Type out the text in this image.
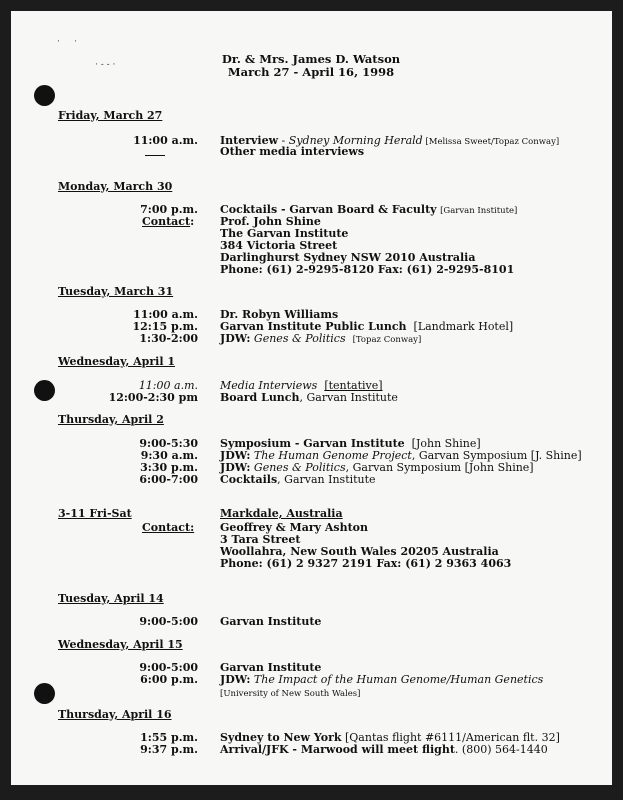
·     ·
· - - ·	Dr. & Mrs. James D. Watson
March 27 - April 16, 1998
Friday, March 27
11:00 a.m. Interview - Sydney Morning Herald [Melissa Sweet/Topaz Conway]
Other media interviews
Monday, March 30
7:00 p.m. Cocktails - Garvan Board & Faculty [Garvan Institute]
Contact: Prof. John Shine
The Garvan Institute
384 Victoria Street
Darlinghurst Sydney NSW 2010 Australia
Phone: (61) 2-9295-8120 Fax: (61) 2-9295-8101
Tuesday, March 31
11:00 a.m. Dr. Robyn Williams
12:15 p.m. Garvan Institute Public Lunch [Landmark Hotel]
1:30-2:00 JDW: Genes & Politics [Topaz Conway]
Wednesday, April 1
11:00 a.m. Media Interviews [tentative]
12:00-2:30 pm Board Lunch, Garvan Institute
Thursday, April 2
9:00-5:30 Symposium - Garvan Institute [John Shine]
9:30 a.m. JDW: The Human Genome Project, Garvan Symposium [J. Shine]
3:30 p.m. JDW: Genes & Politics, Garvan Symposium [John Shine]
6:00-7:00 Cocktails, Garvan Institute
3-11 Fri-Sat	Markdale, Australia
Contact: Geoffrey & Mary Ashton
3 Tara Street
Woollahra, New South Wales 20205 Australia
Phone: (61) 2 9327 2191 Fax: (61) 2 9363 4063
Tuesday, April 14
9:00-5:00 Garvan Institute
Wednesday, April 15
9:00-5:00 Garvan Institute
6:00 p.m. JDW: The Impact of the Human Genome/Human Genetics
[University of New South Wales]
Thursday, April 16
1:55 p.m. Sydney to New York [Qantas flight #6111/American flt. 32]
9:37 p.m. Arrival/JFK - Marwood will meet flight. (800) 564-1440
